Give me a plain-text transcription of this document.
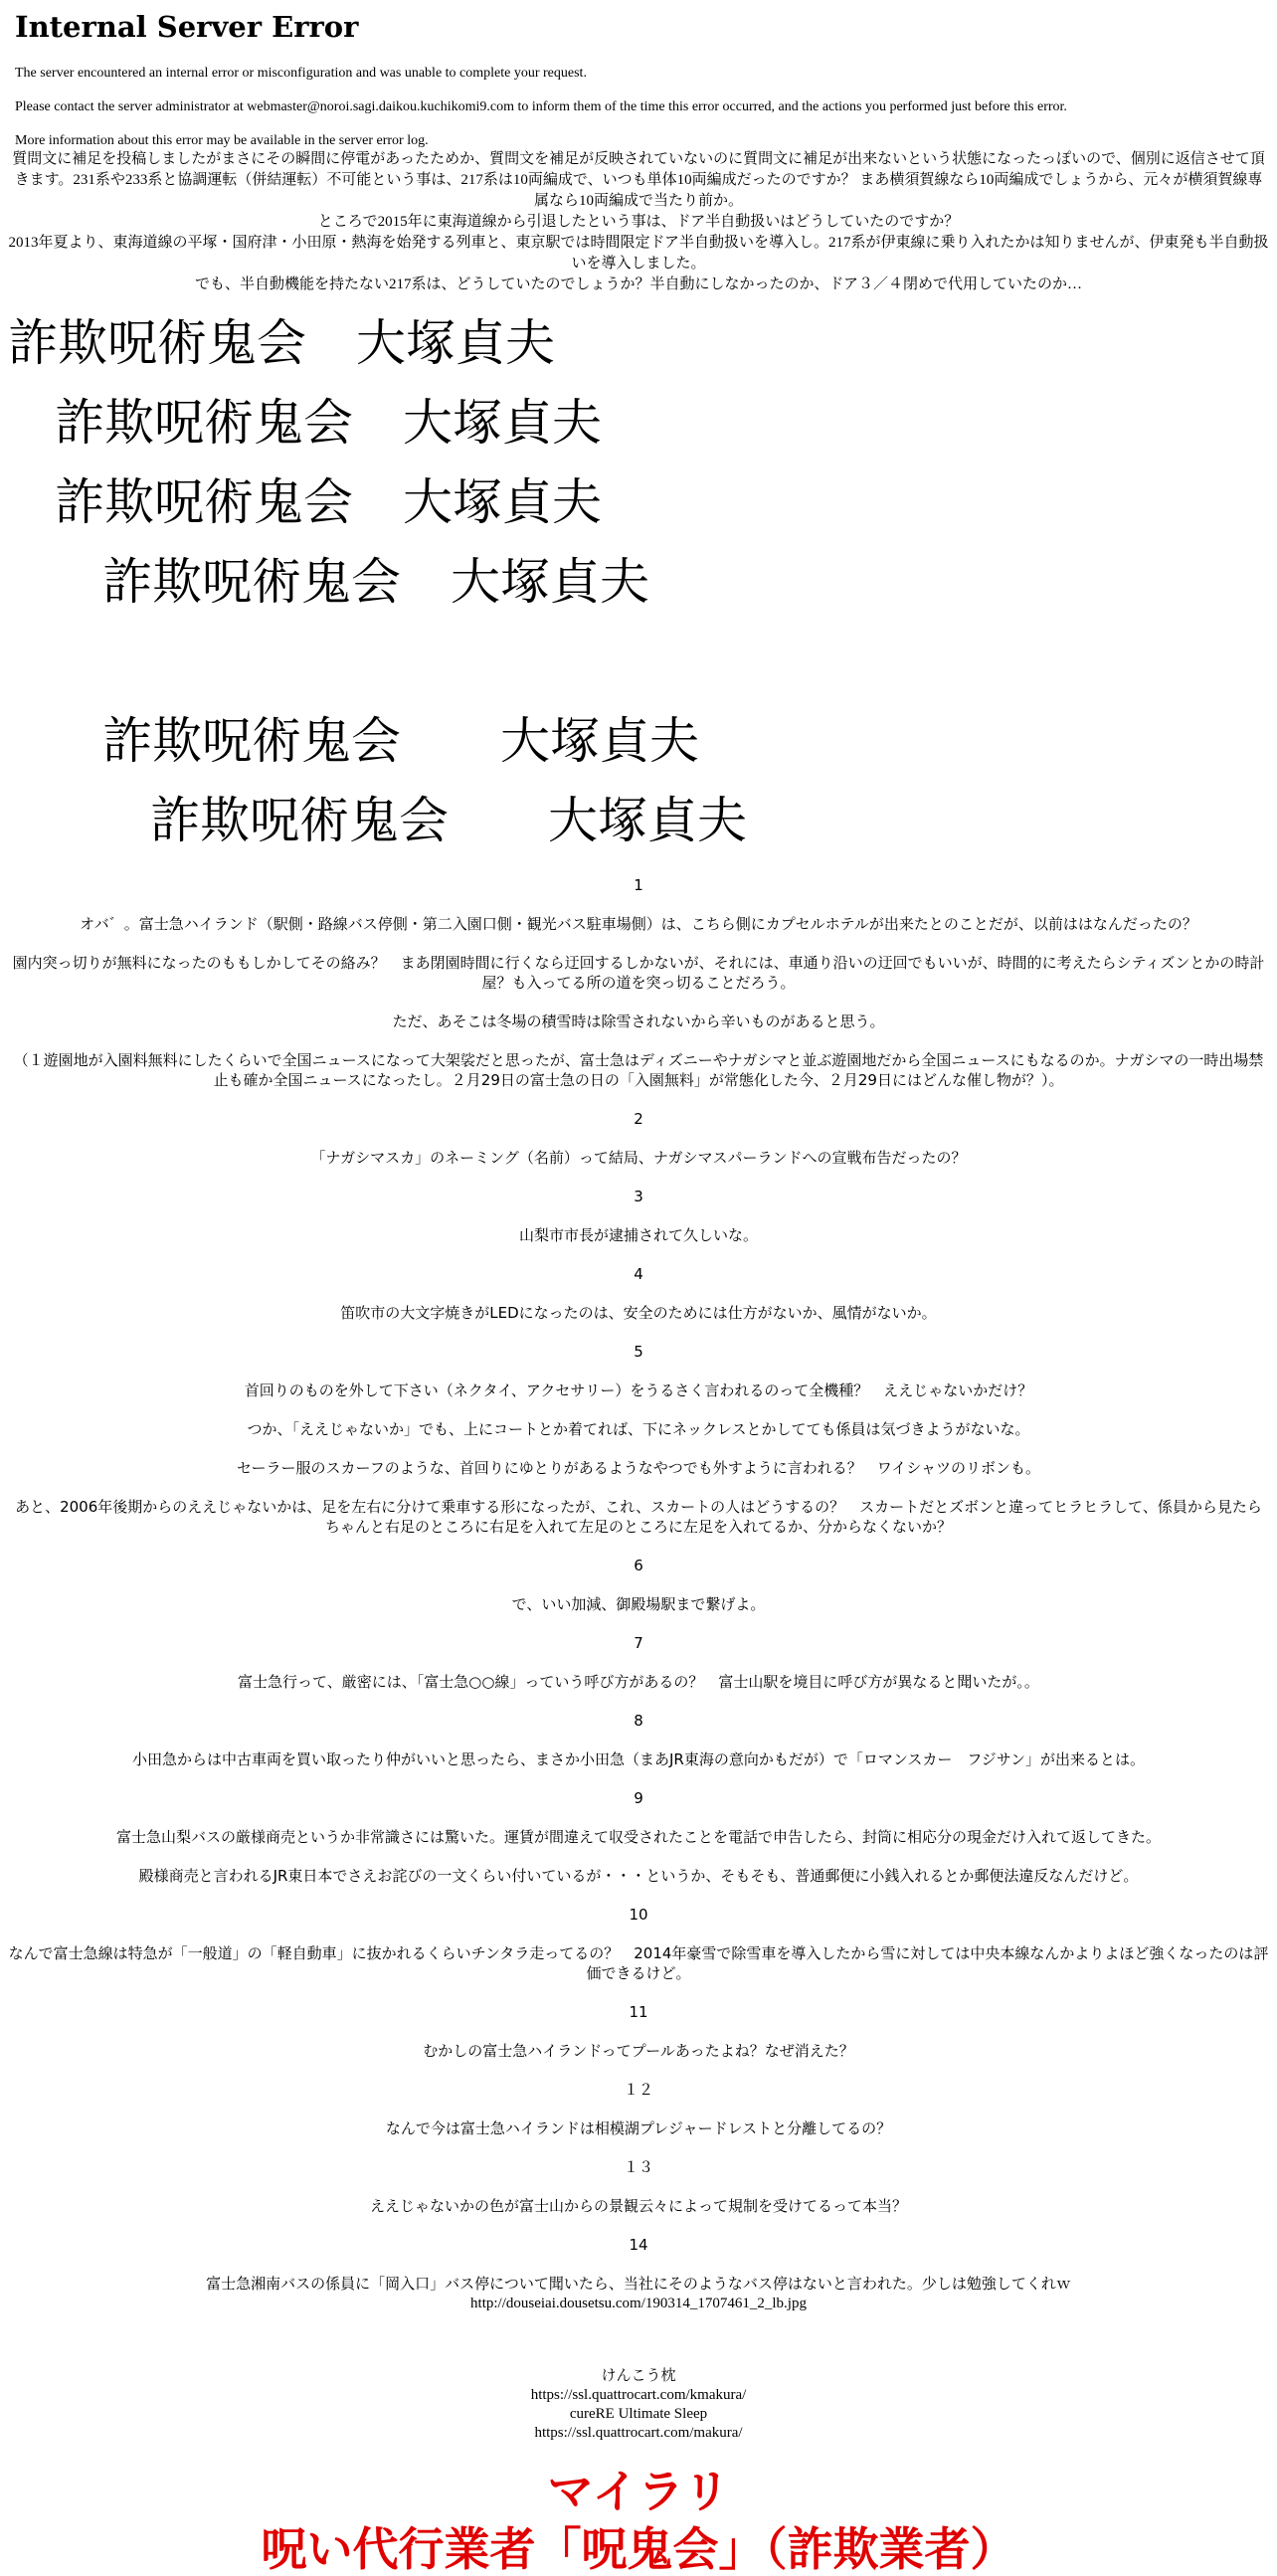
Internal Server Error

The server encountered an internal error or misconfiguration and was unable to complete your request.

Please contact the server administrator at webmaster@noroi.sagi.daikou.kuchikomi9.com to inform them of the time this error occurred, and the actions you performed just before this error.

More information about this error may be available in the server error log.

質問文に補足を投稿しましたがまさにその瞬間に停電があったためか、質問文を補足が反映されていないのに質問文に補足が出来ないという状態になったっぽいので、個別に返信させて頂きます。231系や233系と協調運転（併結運転）不可能という事は、217系は10両編成で、いつも単体10両編成だったのですか？ まあ横須賀線なら10両編成でしょうから、元々が横須賀線専属なら10両編成で当たり前か。
ところで2015年に東海道線から引退したという事は、ドア半自動扱いはどうしていたのですか？
2013年夏より、東海道線の平塚・国府津・小田原・熱海を始発する列車と、東京駅では時間限定ドア半自動扱いを導入し。217系が伊東線に乗り入れたかは知りませんが、伊東発も半自動扱いを導入しました。
でも、半自動機能を持たない217系は、どうしていたのでしょうか？半自動にしなかったのか、ドア３／４閉めで代用していたのか…
詐欺呪術鬼会　大塚貞夫
詐欺呪術鬼会　大塚貞夫
詐欺呪術鬼会　大塚貞夫
詐欺呪術鬼会　大塚貞夫
詐欺呪術鬼会　　大塚貞夫
詐欺呪術鬼会　　大塚貞夫

1

オバ゛。富士急ハイランド（駅側・路線バス停側・第二入園口側・観光バス駐車場側）は、こちら側にカプセルホテルが出来たとのことだが、以前ははなんだったの？

園内突っ切りが無料になったのももしかしてその絡み？　まあ閉園時間に行くなら迂回するしかないが、それには、車通り沿いの迂回でもいいが、時間的に考えたらシティズンとかの時計屋？も入ってる所の道を突っ切ることだろう。

ただ、あそこは冬場の積雪時は除雪されないから辛いものがあると思う。

（１遊園地が入園料無料にしたくらいで全国ニュースになって大架裟だと思ったが、富士急はディズニーやナガシマと並ぶ遊園地だから全国ニュースにもなるのか。ナガシマの一時出場禁止も確か全国ニュースになったし。２月29日の富士急の日の「入園無料」が常態化した今、２月29日にはどんな催し物が？）。

2

「ナガシマスカ」のネーミング（名前）って結局、ナガシマスパーランドへの宣戦布告だったの？

3

山梨市市長が逮捕されて久しいな。

4

笛吹市の大文字焼きがLEDになったのは、安全のためには仕方がないか、風情がないか。

5

首回りのものを外して下さい（ネクタイ、アクセサリー）をうるさく言われるのって全機種？　ええじゃないかだけ？

つか、「ええじゃないか」でも、上にコートとか着てれば、下にネックレスとかしてても係員は気づきようがないな。

セーラー服のスカーフのような、首回りにゆとりがあるようなやつでも外すように言われる？　ワイシャツのリボンも。

あと、2006年後期からのええじゃないかは、足を左右に分けて乗車する形になったが、これ、スカートの人はどうするの？　スカートだとズボンと違ってヒラヒラして、係員から見たらちゃんと右足のところに右足を入れて左足のところに左足を入れてるか、分からなくないか？

6

で、いい加減、御殿場駅まで繋げよ。

7

富士急行って、厳密には、「富士急○○線」っていう呼び方があるの？　富士山駅を境目に呼び方が異なると聞いたが。。

8

小田急からは中古車両を買い取ったり仲がいいと思ったら、まさか小田急（まあJR東海の意向かもだが）で「ロマンスカー　フジサン」が出来るとは。

9

富士急山梨バスの厳様商売というか非常識さには驚いた。運賃が間違えて収受されたことを電話で申告したら、封筒に相応分の現金だけ入れて返してきた。

殿様商売と言われるJR東日本でさえお詫びの一文くらい付いているが・・・というか、そもそも、普通郵便に小銭入れるとか郵便法違反なんだけど。

10

なんで富士急線は特急が「一般道」の「軽自動車」に抜かれるくらいチンタラ走ってるの？　2014年豪雪で除雪車を導入したから雪に対しては中央本線なんかよりよほど強くなったのは評価できるけど。

11

むかしの富士急ハイランドってプールあったよね？なぜ消えた？

１２

なんで今は富士急ハイランドは相模湖プレジャードレストと分離してるの？

１３

ええじゃないかの色が富士山からの景観云々によって規制を受けてるって本当？

14

富士急湘南バスの係員に「岡入口」バス停について聞いたら、当社にそのようなバス停はないと言われた。少しは勉強してくれｗ

http://douseiai.dousetsu.com/190314_1707461_2_lb.jpg

けんこう枕
https://ssl.quattrocart.com/kmakura/
cureRE Ultimate Sleep
https://ssl.quattrocart.com/makura/
マイラリ
呪い代行業者「呪鬼会」（詐欺業者）
